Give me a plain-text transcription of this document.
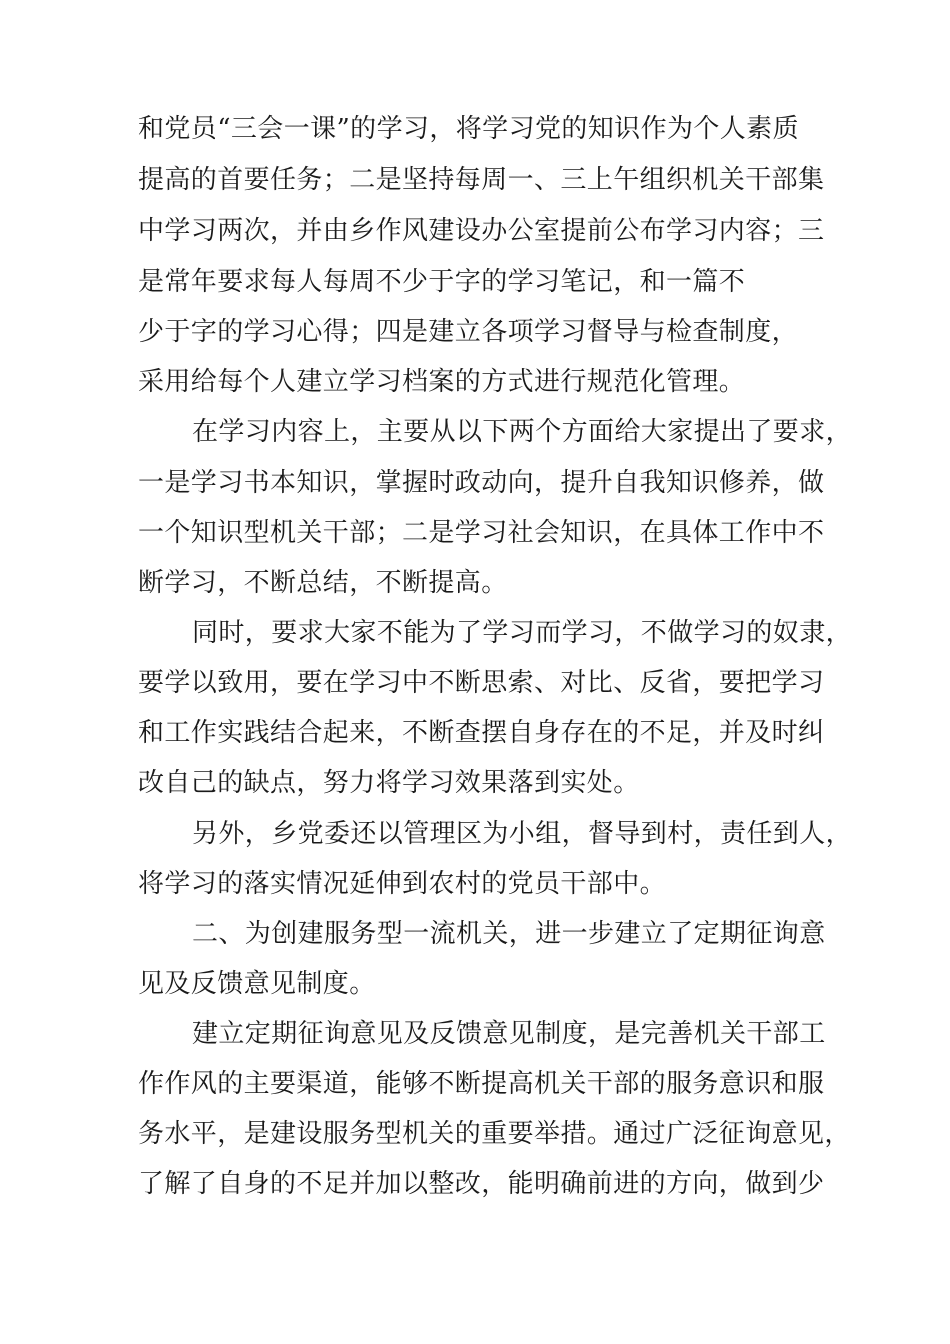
和党员“三会一课”的学习，将学习党的知识作为个人素质
提高的首要任务；二是坚持每周一、三上午组织机关干部集
中学习两次，并由乡作风建设办公室提前公布学习内容；三
是常年要求每人每周不少于字的学习笔记，和一篇不
少于字的学习心得；四是建立各项学习督导与检查制度，
采用给每个人建立学习档案的方式进行规范化管理。
在学习内容上，主要从以下两个方面给大家提出了要求，
一是学习书本知识，掌握时政动向，提升自我知识修养，做
一个知识型机关干部；二是学习社会知识，在具体工作中不
断学习，不断总结，不断提高。
同时，要求大家不能为了学习而学习，不做学习的奴隶，
要学以致用，要在学习中不断思索、对比、反省，要把学习
和工作实践结合起来，不断查摆自身存在的不足，并及时纠
改自己的缺点，努力将学习效果落到实处。
另外，乡党委还以管理区为小组，督导到村，责任到人，
将学习的落实情况延伸到农村的党员干部中。
二、为创建服务型一流机关，进一步建立了定期征询意
见及反馈意见制度。
建立定期征询意见及反馈意见制度，是完善机关干部工
作作风的主要渠道，能够不断提高机关干部的服务意识和服
务水平，是建设服务型机关的重要举措。通过广泛征询意见，
了解了自身的不足并加以整改，能明确前进的方向，做到少
